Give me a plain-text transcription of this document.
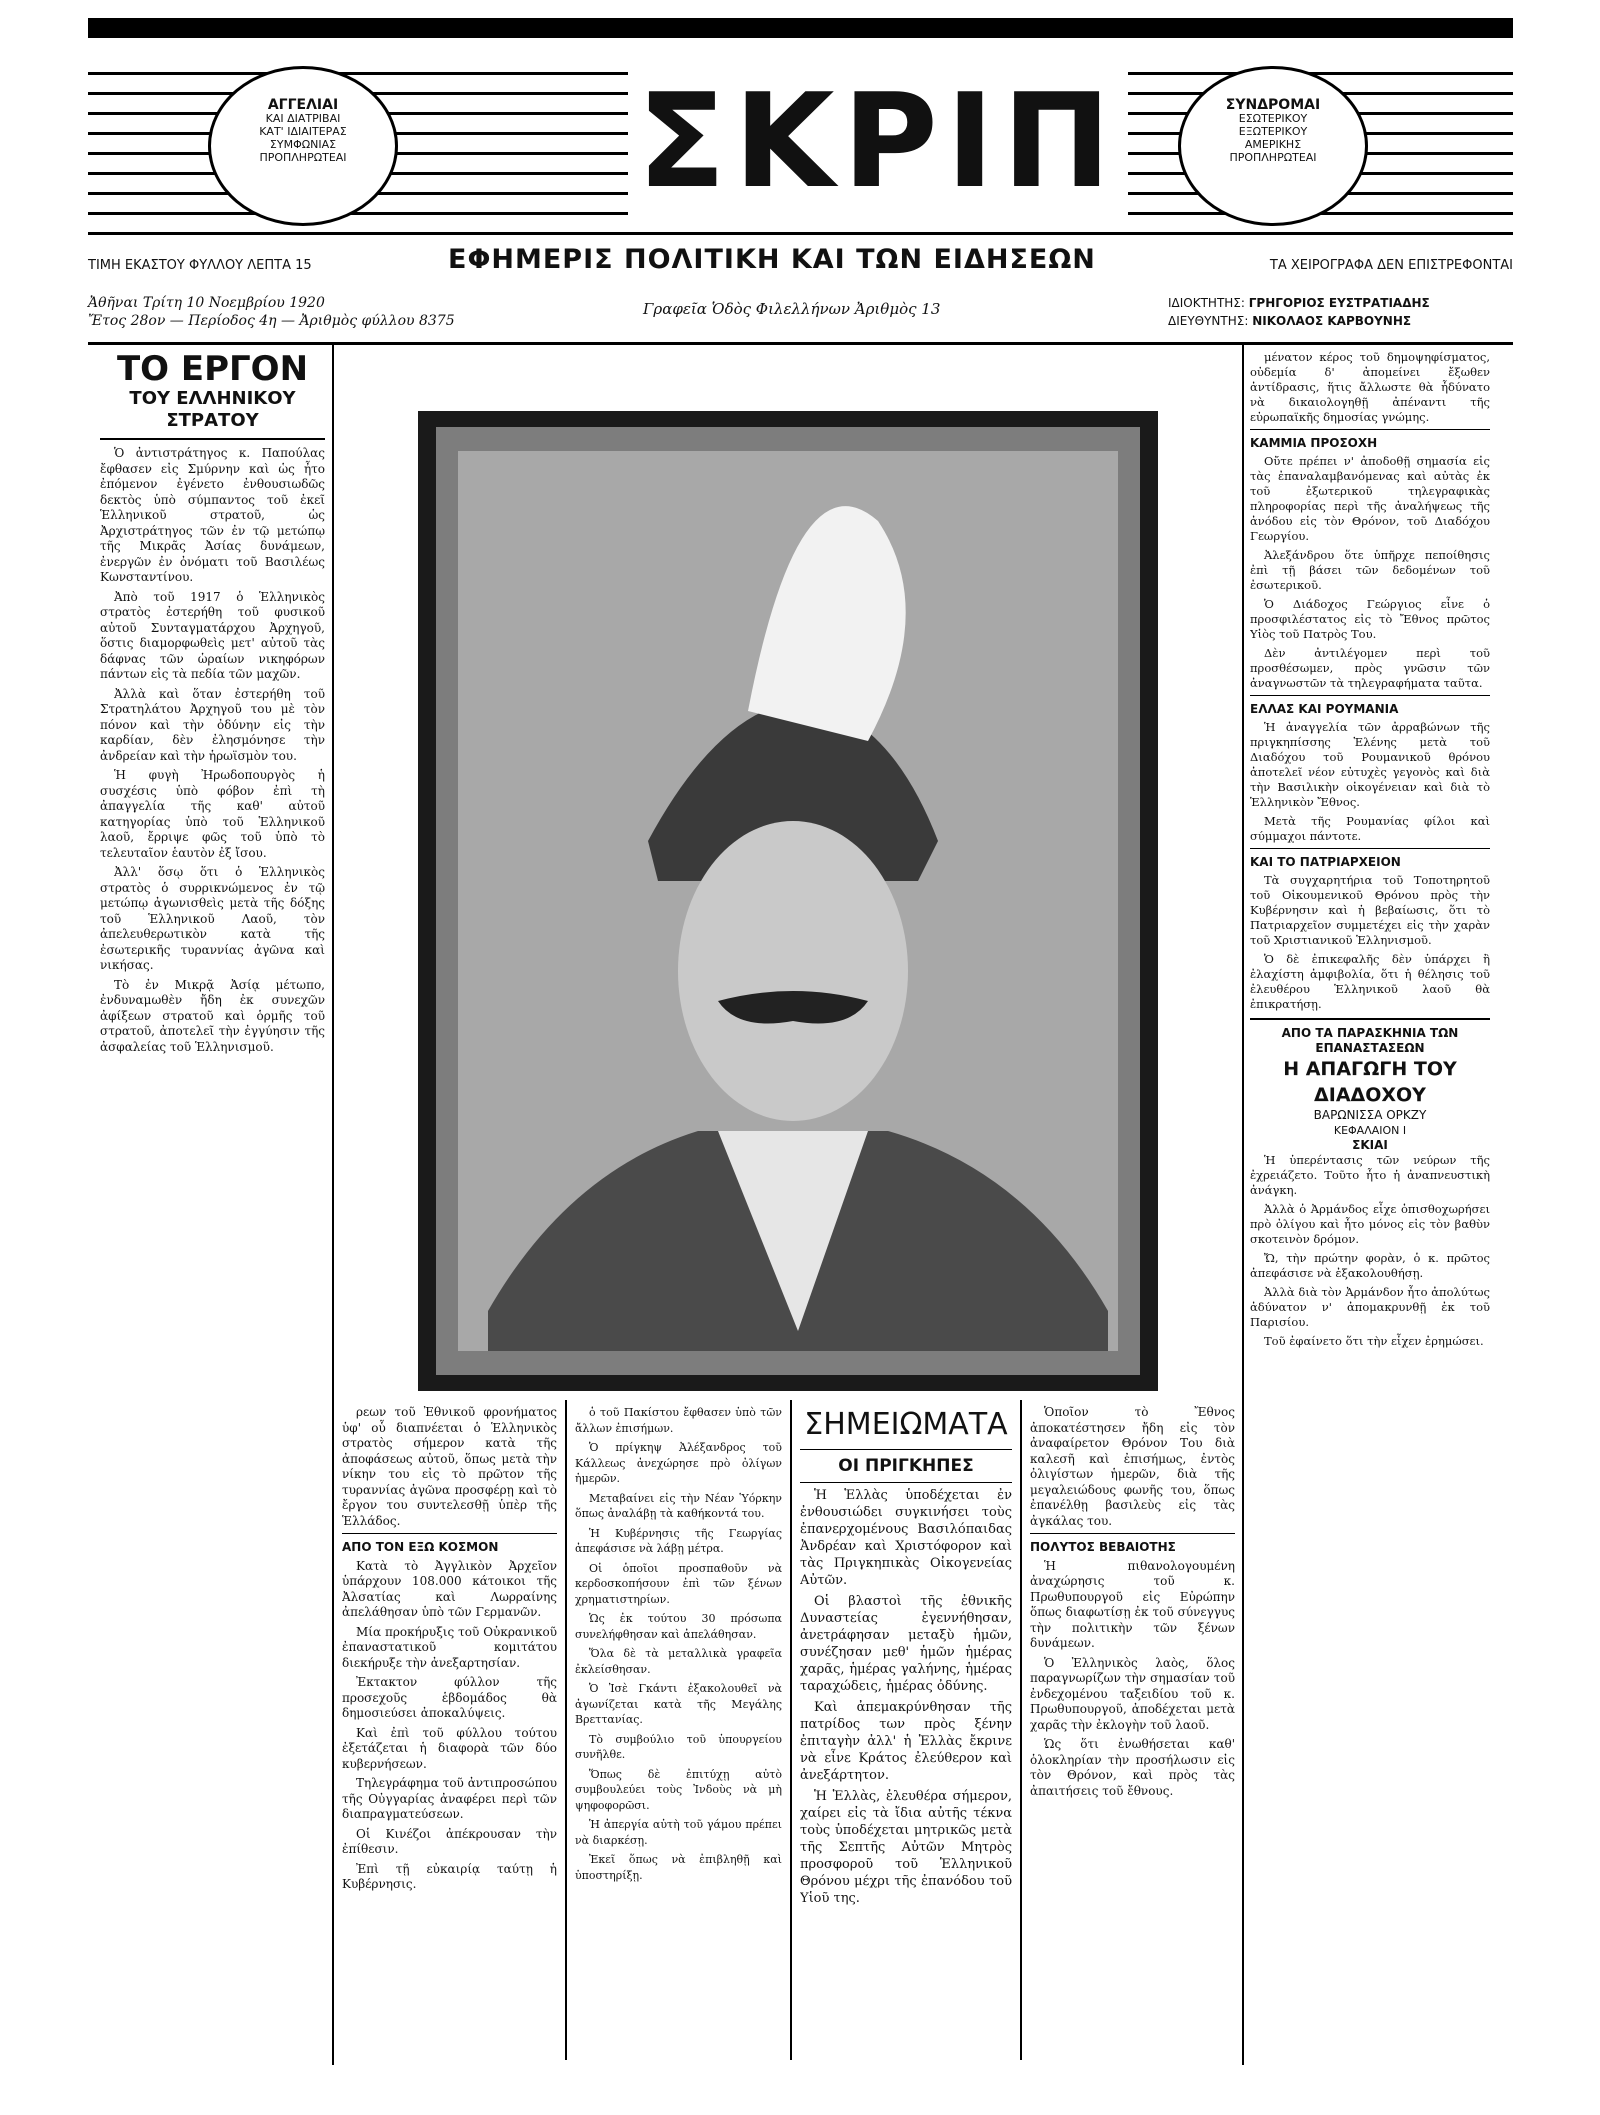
ΑΓΓΕΛΙΑΙ
ΚΑΙ ΔΙΑΤΡΙΒΑΙ
ΚΑΤ' ΙΔΙΑΙΤΕΡΑΣ
ΣΥΜΦΩΝΙΑΣ
ΠΡΟΠΛΗΡΩΤΕΑΙ	ΣΚΡΙΠ	ΣΥΝΔΡΟΜΑΙ
ΕΣΩΤΕΡΙΚΟΥ
ΕΞΩΤΕΡΙΚΟΥ
ΑΜΕΡΙΚΗΣ
ΠΡΟΠΛΗΡΩΤΕΑΙ
ΤΙΜΗ ΕΚΑΣΤΟΥ ΦΥΛΛΟΥ ΛΕΠΤΑ 15	ΕΦΗΜΕΡΙΣ ΠΟΛΙΤΙΚΗ ΚΑΙ ΤΩΝ ΕΙΔΗΣΕΩΝ	ΤΑ ΧΕΙΡΟΓΡΑΦΑ ΔΕΝ ΕΠΙΣΤΡΕΦΟΝΤΑΙ
Ἀθῆναι Τρίτη 10 Νοεμβρίου 1920
Ἔτος 28ον — Περίοδος 4η — Ἀριθμὸς φύλλου 8375
Γραφεῖα Ὁδὸς Φιλελλήνων Ἀριθμὸς 13	ΙΔΙΟΚΤΗΤΗΣ: ΓΡΗΓΟΡΙΟΣ ΕΥΣΤΡΑΤΙΑΔΗΣ
ΔΙΕΥΘΥΝΤΗΣ: ΝΙΚΟΛΑΟΣ ΚΑΡΒΟΥΝΗΣ
ΤΟ ΕΡΓΟΝ
ΤΟΥ ΕΛΛΗΝΙΚΟΥ ΣΤΡΑΤΟΥ

Ὁ ἀντιστράτηγος κ. Παπούλας ἔφθασεν εἰς Σμύρνην καὶ ὡς ἦτο ἐπόμενον ἐγένετο ἐνθουσιωδῶς δεκτὸς ὑπὸ σύμπαντος τοῦ ἐκεῖ Ἑλληνικοῦ στρατοῦ, ὡς Ἀρχιστράτηγος τῶν ἐν τῷ μετώπῳ τῆς Μικρᾶς Ἀσίας δυνάμεων, ἐνεργῶν ἐν ὀνόματι τοῦ Βασιλέως Κωνσταντίνου.

Ἀπὸ τοῦ 1917 ὁ Ἑλληνικὸς στρατὸς ἐστερήθη τοῦ φυσικοῦ αὐτοῦ Συνταγματάρχου Ἀρχηγοῦ, ὅστις διαμορφωθεὶς μετ' αὐτοῦ τὰς δάφνας τῶν ὡραίων νικηφόρων πάντων εἰς τὰ πεδία τῶν μαχῶν.

Ἀλλὰ καὶ ὅταν ἐστερήθη τοῦ Στρατηλάτου Ἀρχηγοῦ του μὲ τὸν πόνον καὶ τὴν ὀδύνην εἰς τὴν καρδίαν, δὲν ἐλησμόνησε τὴν ἀνδρείαν καὶ τὴν ἡρωϊσμὸν του.

Ἡ φυγὴ Ἠρωδοπουργὸς ἡ συσχέσις ὑπὸ φόβον ἐπὶ τὴ ἀπαγγελία τῆς καθ' αὐτοῦ κατηγορίας ὑπὸ τοῦ Ἑλληνικοῦ λαοῦ, ἔρριψε φῶς τοῦ ὑπὸ τὸ τελευταῖον ἑαυτὸν ἐξ ἴσου.

Ἀλλ' ὅσῳ ὅτι ὁ Ἑλληνικὸς στρατὸς ὁ συρρικνώμενος ἐν τῷ μετώπῳ ἀγωνισθεὶς μετὰ τῆς δόξης τοῦ Ἑλληνικοῦ Λαοῦ, τὸν ἀπελευθερωτικὸν κατὰ τῆς ἐσωτερικῆς τυραννίας ἀγῶνα καὶ νικήσας.

Τὸ ἐν Μικρᾷ Ἀσίᾳ μέτωπο, ἐνδυναμωθὲν ἤδη ἐκ συνεχῶν ἀφίξεων στρατοῦ καὶ ὁρμῆς τοῦ στρατοῦ, ἀποτελεῖ τὴν ἐγγύησιν τῆς ἀσφαλείας τοῦ Ἑλληνισμοῦ.

ρεων τοῦ Ἐθνικοῦ φρονήματος ὑφ' οὗ διαπνέεται ὁ Ἑλληνικὸς στρατὸς σήμερον κατὰ τῆς ἀποφάσεως αὐτοῦ, ὅπως μετὰ τὴν νίκην του εἰς τὸ πρῶτον τῆς τυραννίας ἀγῶνα προσφέρῃ καὶ τὸ ἔργον του συντελεσθῇ ὑπὲρ τῆς Ἑλλάδος.

ΑΠΟ ΤΟΝ ΕΞΩ ΚΟΣΜΟΝ

Κατὰ τὸ Ἀγγλικὸν Ἀρχεῖον ὑπάρχουν 108.000 κάτοικοι τῆς Ἀλσατίας καὶ Λωρραίνης ἀπελάθησαν ὑπὸ τῶν Γερμανῶν.

Μία προκήρυξις τοῦ Οὐκρανικοῦ ἐπαναστατικοῦ κομιτάτου διεκήρυξε τὴν ἀνεξαρτησίαν.

Ἐκτακτον φύλλον τῆς προσεχοῦς ἑβδομάδος θὰ δημοσιεύσει ἀποκαλύψεις.

Καὶ ἐπὶ τοῦ φύλλου τούτου ἐξετάζεται ἡ διαφορὰ τῶν δύο κυβερνήσεων.

Τηλεγράφημα τοῦ ἀντιπροσώπου τῆς Οὐγγαρίας ἀναφέρει περὶ τῶν διαπραγματεύσεων.

Οἱ Κινέζοι ἀπέκρουσαν τὴν ἐπίθεσιν.

Ἐπὶ τῇ εὐκαιρίᾳ ταύτῃ ἡ Κυβέρνησις.

ὁ τοῦ Πακίστου ἔφθασεν ὑπὸ τῶν ἄλλων ἐπισήμων.

Ὁ πρίγκηψ Ἀλέξανδρος τοῦ Κάλλεως ἀνεχώρησε πρὸ ὀλίγων ἡμερῶν.

Μεταβαίνει εἰς τὴν Νέαν Ὑόρκην ὅπως ἀναλάβῃ τὰ καθήκοντά του.

Ἡ Κυβέρνησις τῆς Γεωργίας ἀπεφάσισε νὰ λάβῃ μέτρα.

Οἱ ὁποῖοι προσπαθοῦν νὰ κερδοσκοπήσουν ἐπὶ τῶν ξένων χρηματιστηρίων.

Ὡς ἐκ τούτου 30 πρόσωπα συνελήφθησαν καὶ ἀπελάθησαν.

Ὅλα δὲ τὰ μεταλλικὰ γραφεῖα ἐκλείσθησαν.

Ὁ Ἰσὲ Γκάντι ἐξακολουθεῖ νὰ ἀγωνίζεται κατὰ τῆς Μεγάλης Βρεττανίας.

Τὸ συμβούλιο τοῦ ὑπουργείου συνῆλθε.

Ὅπως δὲ ἐπιτύχῃ αὐτὸ συμβουλεύει τοὺς Ἰνδοὺς νὰ μὴ ψηφοφορῶσι.

Ἡ ἀπεργία αὐτὴ τοῦ γάμου πρέπει νὰ διαρκέσῃ.

Ἐκεῖ ὅπως νὰ ἐπιβληθῇ καὶ ὑποστηρίξῃ.

ΣΗΜΕΙΩΜΑΤΑ
ΟΙ ΠΡΙΓΚΗΠΕΣ

Ἡ Ἑλλὰς ὑποδέχεται ἐν ἐνθουσιώδει συγκινήσει τοὺς ἐπανερχομένους Βασιλόπαιδας Ἀνδρέαν καὶ Χριστόφορον καὶ τὰς Πριγκηπικὰς Οἰκογενείας Αὐτῶν.

Οἱ βλαστοὶ τῆς ἐθνικῆς Δυναστείας ἐγεννήθησαν, ἀνετράφησαν μεταξὺ ἡμῶν, συνέζησαν μεθ' ἡμῶν ἡμέρας χαρᾶς, ἡμέρας γαλήνης, ἡμέρας ταραχώδεις, ἡμέρας ὀδύνης.

Καὶ ἀπεμακρύνθησαν τῆς πατρίδος των πρὸς ξένην ἐπιταγὴν ἀλλ' ἡ Ἑλλὰς ἔκρινε νὰ εἶνε Κράτος ἐλεύθερον καὶ ἀνεξάρτητον.

Ἡ Ἑλλὰς, ἐλευθέρα σήμερον, χαίρει εἰς τὰ ἴδια αὐτῆς τέκνα τοὺς ὑποδέχεται μητρικῶς μετὰ τῆς Σεπτῆς Αὐτῶν Μητρὸς προσφοροῦ τοῦ Ἑλληνικοῦ Θρόνου μέχρι τῆς ἐπανόδου τοῦ Υἱοῦ της.

Ὁποῖον τὸ Ἔθνος ἀποκατέστησεν ἤδη εἰς τὸν ἀναφαίρετον Θρόνον Του διὰ καλεσῆ καὶ ἐπισήμως, ἐντὸς ὀλιγίστων ἡμερῶν, διὰ τῆς μεγαλειώδους φωνῆς του, ὅπως ἐπανέλθῃ βασιλεὺς εἰς τὰς ἀγκάλας του.

ΠΟΛΥΤΟΣ ΒΕΒΑΙΟΤΗΣ

Ἡ πιθανολογουμένη ἀναχώρησις τοῦ κ. Πρωθυπουργοῦ εἰς Εὐρώπην ὅπως διαφωτίσῃ ἐκ τοῦ σύνεγγυς τὴν πολιτικὴν τῶν ξένων δυνάμεων.

Ὁ Ἑλληνικὸς λαὸς, ὅλος παραγνωρίζων τὴν σημασίαν τοῦ ἐνδεχομένου ταξειδίου τοῦ κ. Πρωθυπουργοῦ, ἀποδέχεται μετὰ χαρᾶς τὴν ἐκλογὴν τοῦ λαοῦ.

Ὡς ὅτι ἐνωθήσεται καθ' ὁλοκληρίαν τὴν προσήλωσιν εἰς τὸν Θρόνον, καὶ πρὸς τὰς ἀπαιτήσεις τοῦ ἔθνους.

μένατον κέρος τοῦ δημοψηφίσματος, οὐδεμία δ' ἀπομείνει ἔξωθεν ἀντίδρασις, ἥτις ἄλλωστε θὰ ἦδύνατο νὰ δικαιολογηθῇ ἀπέναντι τῆς εὐρωπαϊκῆς δημοσίας γνώμης.

ΚΑΜΜΙΑ ΠΡΟΣΟΧΗ

Οὔτε πρέπει ν' ἀποδοθῇ σημασία εἰς τὰς ἐπαναλαμβανόμενας καὶ αὐτὰς ἐκ τοῦ ἐξωτερικοῦ τηλεγραφικὰς πληροφορίας περὶ τῆς ἀναλήψεως τῆς ἀνόδου εἰς τὸν Θρόνον, τοῦ Διαδόχου Γεωργίου.

Ἀλεξάνδρου ὅτε ὑπῆρχε πεποίθησις ἐπὶ τῇ βάσει τῶν δεδομένων τοῦ ἐσωτερικοῦ.

Ὁ Διάδοχος Γεώργιος εἶνε ὁ προσφιλέστατος εἰς τὸ Ἔθνος πρῶτος Υἱὸς τοῦ Πατρὸς Του.

Δὲν ἀντιλέγομεν περὶ τοῦ προσθέσωμεν, πρὸς γνῶσιν τῶν ἀναγνωστῶν τὰ τηλεγραφήματα ταῦτα.

ΕΛΛΑΣ ΚΑΙ ΡΟΥΜΑΝΙΑ

Ἡ ἀναγγελία τῶν ἀρραβώνων τῆς πριγκηπίσσης Ἑλένης μετὰ τοῦ Διαδόχου τοῦ Ρουμανικοῦ θρόνου ἀποτελεῖ νέον εὐτυχὲς γεγονὸς καὶ διὰ τὴν Βασιλικὴν οἰκογένειαν καὶ διὰ τὸ Ἑλληνικὸν Ἔθνος.

Μετὰ τῆς Ρουμανίας φίλοι καὶ σύμμαχοι πάντοτε.

ΚΑΙ ΤΟ ΠΑΤΡΙΑΡΧΕΙΟΝ

Τὰ συγχαρητήρια τοῦ Τοποτηρητοῦ τοῦ Οἰκουμενικοῦ Θρόνου πρὸς τὴν Κυβέρνησιν καὶ ἡ βεβαίωσις, ὅτι τὸ Πατριαρχεῖον συμμετέχει εἰς τὴν χαρὰν τοῦ Χριστιανικοῦ Ἑλληνισμοῦ.

Ὁ δὲ ἐπικεφαλῆς δὲν ὑπάρχει ἢ ἐλαχίστη ἀμφιβολία, ὅτι ἡ θέλησις τοῦ ἐλευθέρου Ἑλληνικοῦ λαοῦ θὰ ἐπικρατήσῃ.

ΑΠΟ ΤΑ ΠΑΡΑΣΚΗΝΙΑ ΤΩΝ ΕΠΑΝΑΣΤΑΣΕΩΝ
Η ΑΠΑΓΩΓΗ ΤΟΥ ΔΙΑΔΟΧΟΥ
ΒΑΡΩΝΙΣΣΑ ΟΡΚΖΥ
ΚΕΦΑΛΑΙΟΝ I
ΣΚΙΑΙ

Ἡ ὑπερέντασις τῶν νεύρων τῆς ἐχρειάζετο. Τοῦτο ἦτο ἡ ἀναπνευστικὴ ἀνάγκη.

Ἀλλὰ ὁ Ἀρμάνδος εἶχε ὁπισθοχωρήσει πρὸ ὀλίγου καὶ ἦτο μόνος εἰς τὸν βαθὺν σκοτεινὸν δρόμον.

Ὤ, τὴν πρώτην φορὰν, ὁ κ. πρῶτος ἀπεφάσισε νὰ ἐξακολουθήσῃ.

Ἀλλὰ διὰ τὸν Ἀρμάνδον ἦτο ἀπολύτως ἀδύνατον ν' ἀπομακρυνθῇ ἐκ τοῦ Παρισίου.

Τοῦ ἐφαίνετο ὅτι τὴν εἶχεν ἐρημώσει.
